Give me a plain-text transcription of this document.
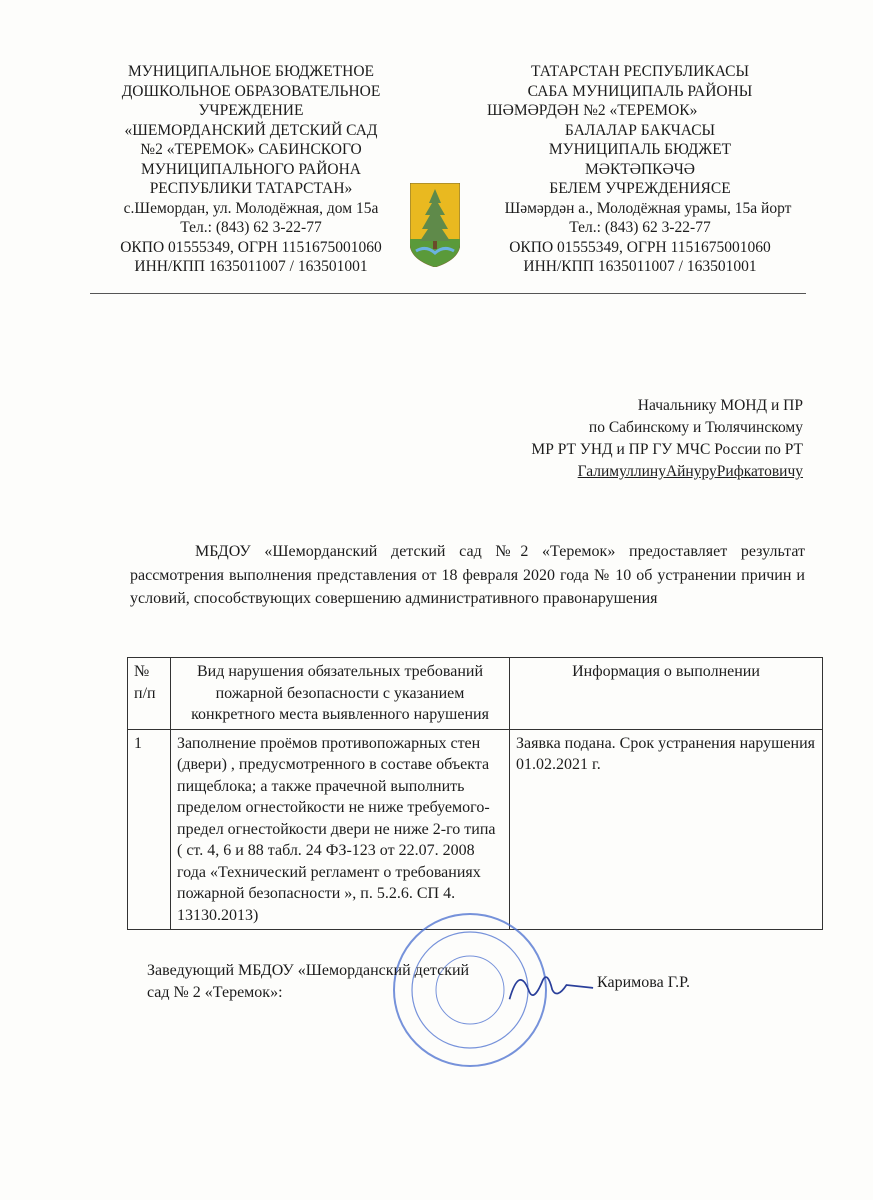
МУНИЦИПАЛЬНОЕ БЮДЖЕТНОЕ
ДОШКОЛЬНОЕ ОБРАЗОВАТЕЛЬНОЕ
УЧРЕЖДЕНИЕ
«ШЕМОРДАНСКИЙ ДЕТСКИЙ САД
№2 «ТЕРЕМОК» САБИНСКОГО
МУНИЦИПАЛЬНОГО РАЙОНА
РЕСПУБЛИКИ ТАТАРСТАН»
с.Шемордан, ул. Молодёжная, дом 15а
Тел.: (843) 62 3-22-77
ОКПО 01555349, ОГРН 1151675001060
ИНН/КПП 1635011007 / 163501001
ТАТАРСТАН РЕСПУБЛИКАСЫ
САБА МУНИЦИПАЛЬ РАЙОНЫ
ШӘМӘРДӘН №2 «ТЕРЕМОК»
БАЛАЛАР БАКЧАСЫ
МУНИЦИПАЛЬ БЮДЖЕТ
МӘКТӘПКӘЧӘ
БЕЛЕМ УЧРЕЖДЕНИЯСЕ
Шәмәрдән а., Молодёжная урамы, 15а йорт
Тел.: (843) 62 3-22-77
ОКПО 01555349, ОГРН 1151675001060
ИНН/КПП 1635011007 / 163501001
Начальнику МОНД и ПР
по Сабинскому и Тюлячинскому
МР РТ УНД и ПР ГУ МЧС России по РТ
ГалимуллинуАйнуруРифкатовичу
МБДОУ «Шеморданский детский сад №2 «Теремок» предоставляет результат рассмотрения выполнения представления от 18 февраля 2020 года № 10 об устранении причин и условий, способствующих совершению административного правонарушения
№ п/п	Вид нарушения обязательных требований пожарной безопасности с указанием конкретного места выявленного нарушения	Информация о выполнении
1	Заполнение проёмов противопожарных стен (двери) , предусмотренного в составе объекта пищеблока; а также прачечной выполнить пределом огнестойкости не ниже требуемого-предел огнестойкости двери не ниже 2-го типа ( ст. 4, 6 и 88 табл. 24 ФЗ-123 от 22.07. 2008 года «Технический регламент о требованиях пожарной безопасности », п. 5.2.6. СП 4. 13130.2013)	Заявка подана. Срок устранения нарушения 01.02.2021 г.
Заведующий МБДОУ «Шеморданский детский
сад № 2 «Теремок»:
Каримова Г.Р.
